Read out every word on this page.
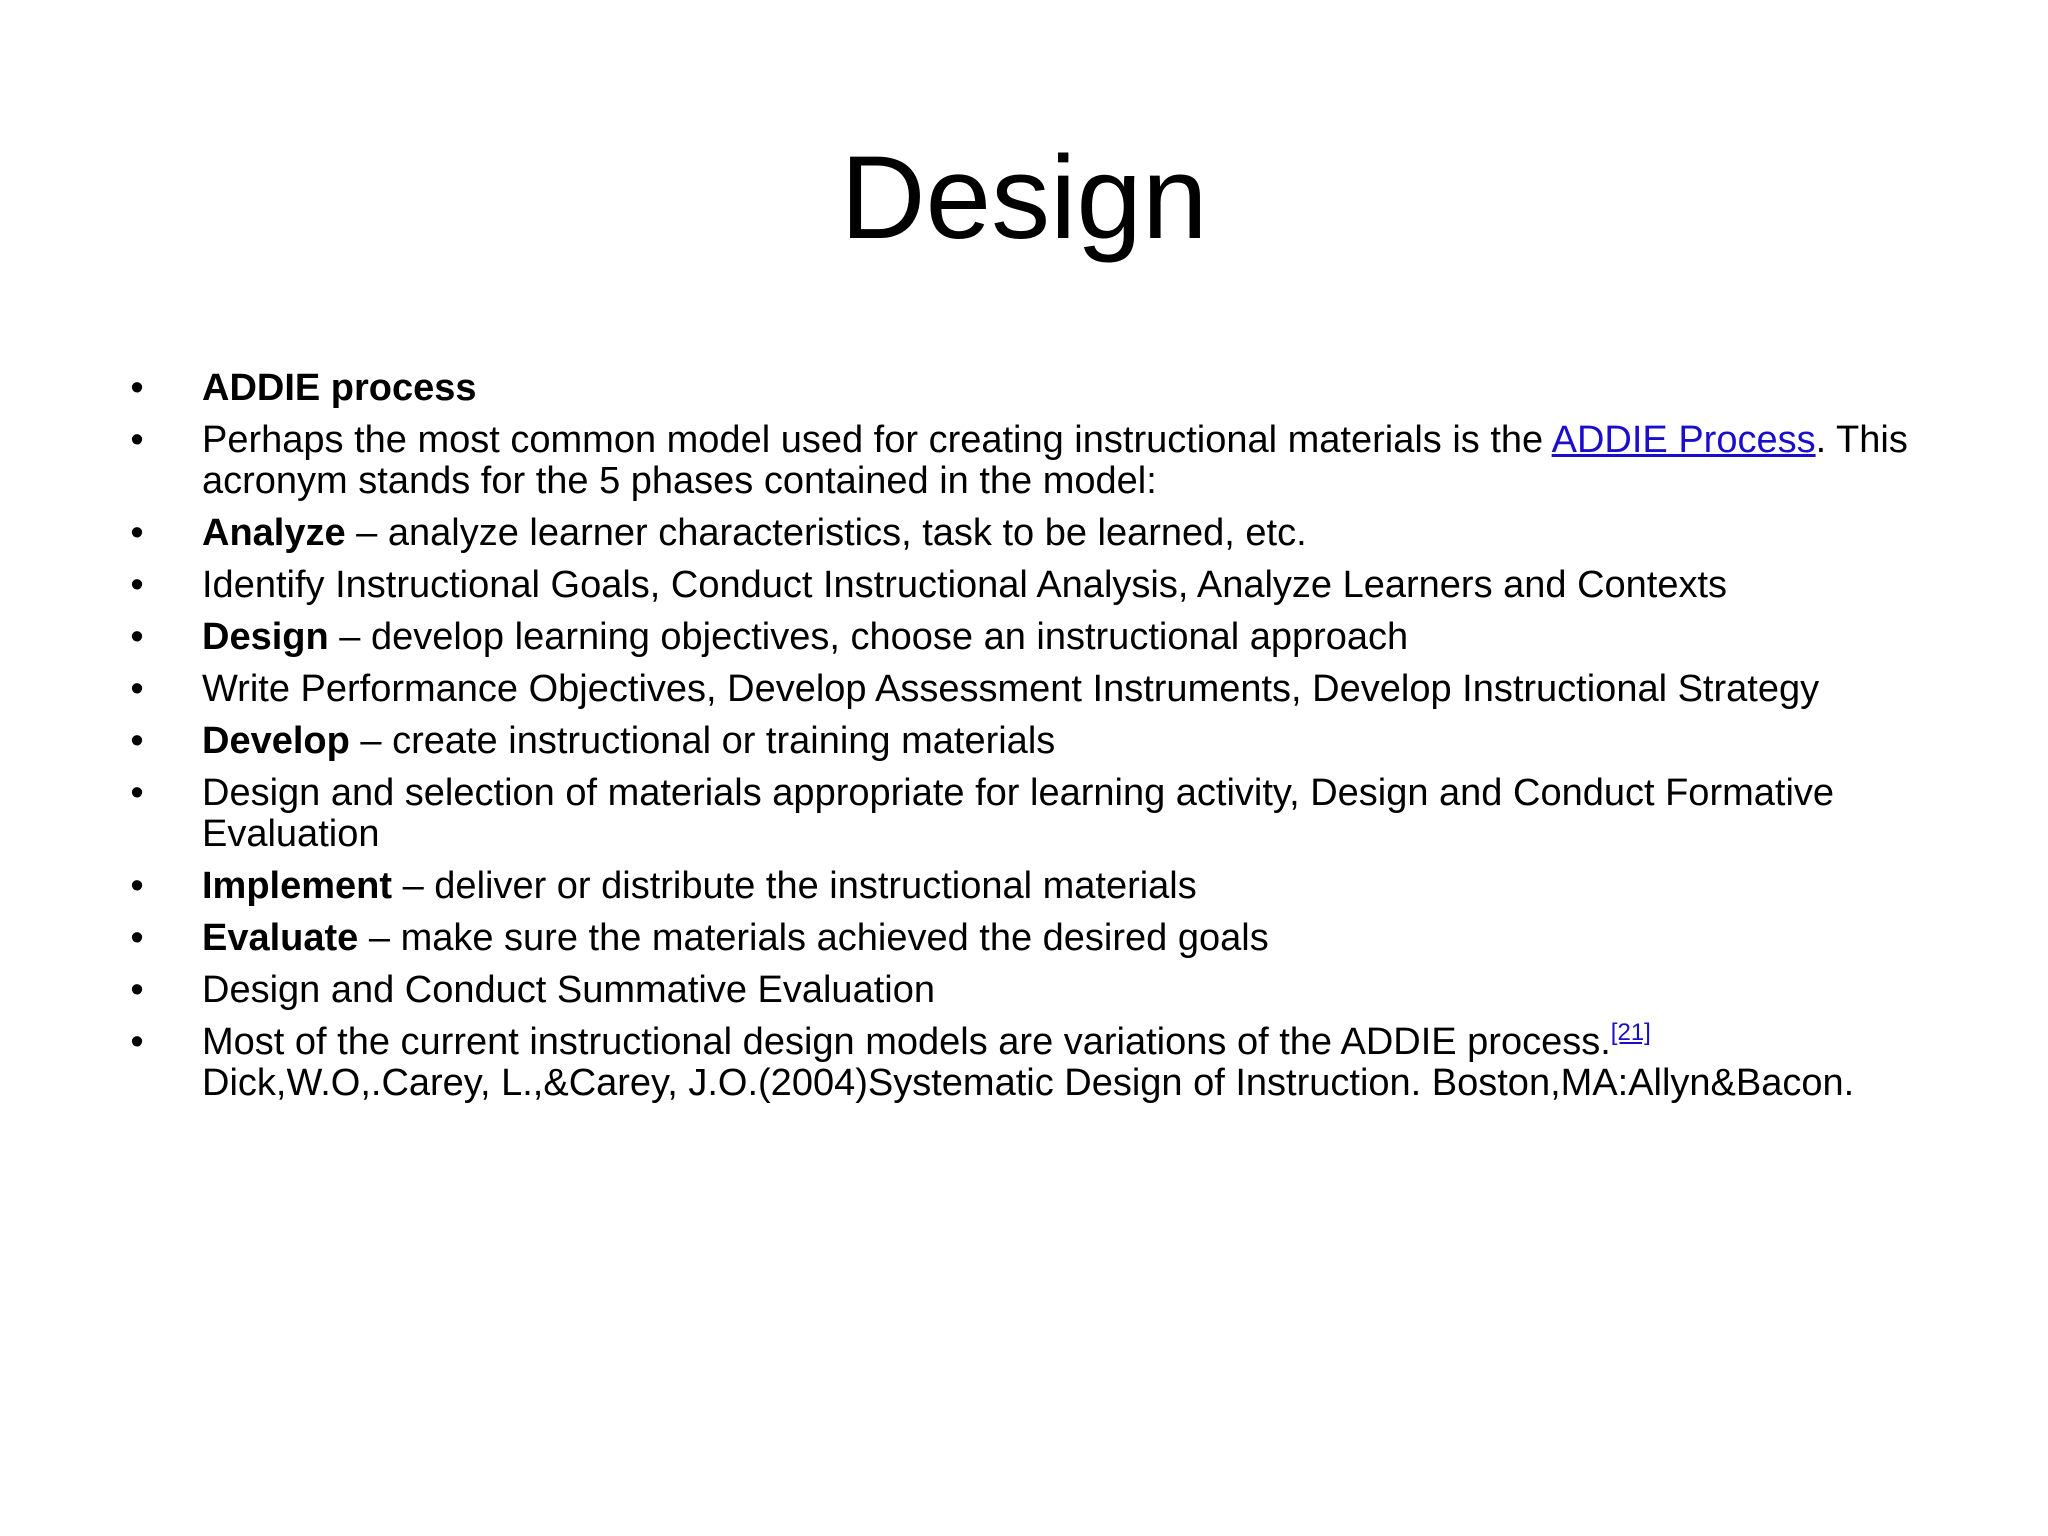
Design
• ADDIE process
• Perhaps the most common model used for creating instructional materials is the ADDIE Process. This acronym stands for the 5 phases contained in the model:
• Analyze – analyze learner characteristics, task to be learned, etc.
• Identify Instructional Goals, Conduct Instructional Analysis, Analyze Learners and Contexts
• Design – develop learning objectives, choose an instructional approach
• Write Performance Objectives, Develop Assessment Instruments, Develop Instructional Strategy
• Develop – create instructional or training materials
• Design and selection of materials appropriate for learning activity, Design and Conduct Formative Evaluation
• Implement – deliver or distribute the instructional materials
• Evaluate – make sure the materials achieved the desired goals
• Design and Conduct Summative Evaluation
• Most of the current instructional design models are variations of the ADDIE process.[21] Dick,W.O,.Carey, L.,&Carey, J.O.(2004)Systematic Design of Instruction. Boston,MA:Allyn&Bacon.
